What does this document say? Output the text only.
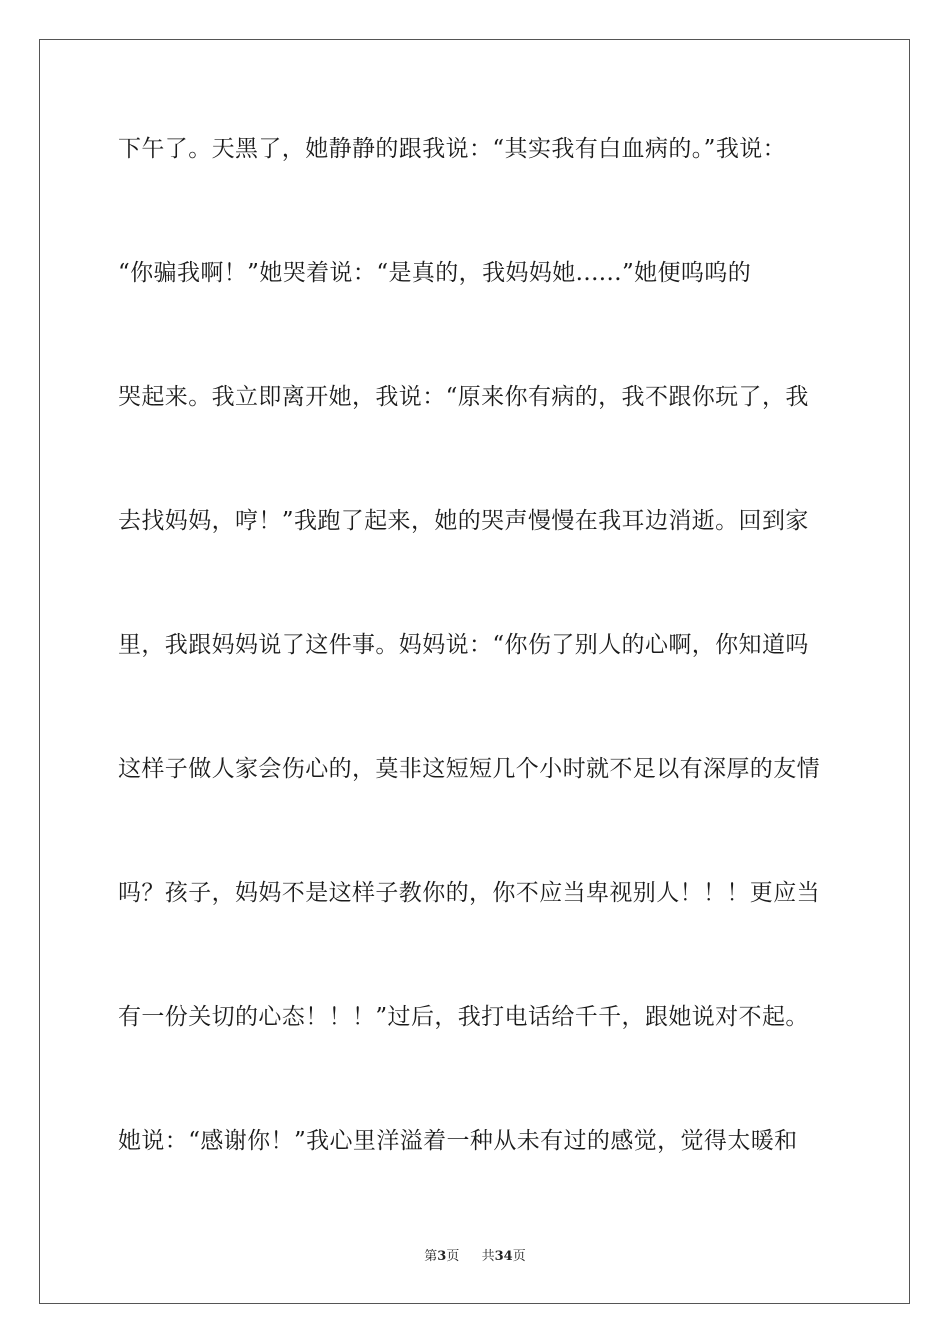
下午了。天黑了，她静静的跟我说：“其实我有白血病的。”我说：
“你骗我啊！”她哭着说：“是真的，我妈妈她......”她便呜呜的
哭起来。我立即离开她，我说：“原来你有病的，我不跟你玩了，我
去找妈妈，哼！”我跑了起来，她的哭声慢慢在我耳边消逝。回到家
里，我跟妈妈说了这件事。妈妈说：“你伤了别人的心啊，你知道吗
这样子做人家会伤心的，莫非这短短几个小时就不足以有深厚的友情
吗？孩子，妈妈不是这样子教你的，你不应当卑视别人！！！更应当
有一份关切的心态！！！”过后，我打电话给千千，跟她说对不起。
她说：“感谢你！”我心里洋溢着一种从未有过的感觉，觉得太暖和
第3页 共34页
